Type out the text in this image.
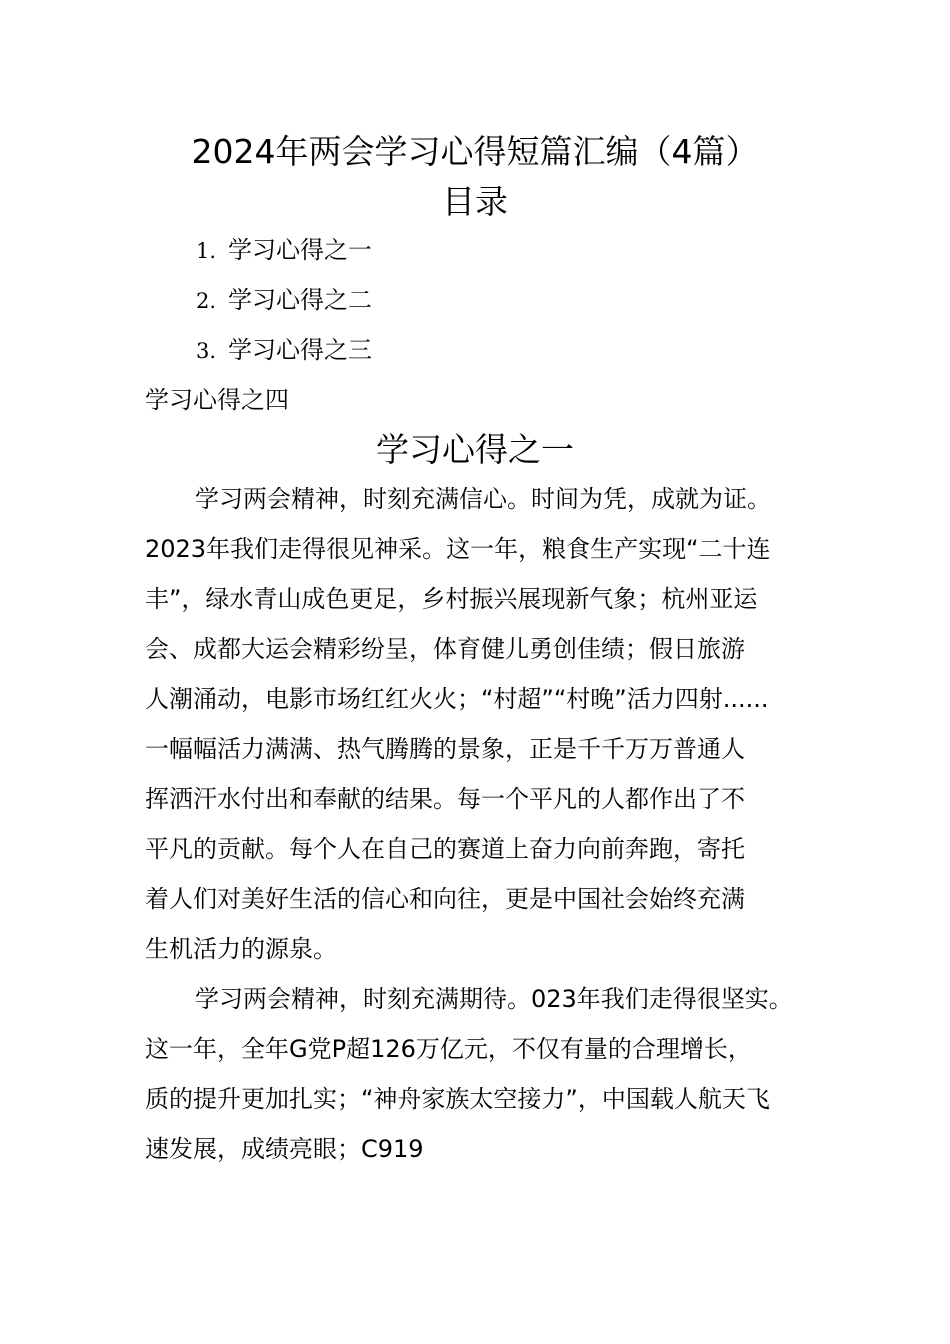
2024年两会学习心得短篇汇编（4篇）
目录
1. 学习心得之一
2. 学习心得之二
3. 学习心得之三
学习心得之四
学习心得之一
学习两会精神，时刻充满信心。时间为凭，成就为证。
2023年我们走得很见神采。这一年，粮食生产实现“二十连
丰”，绿水青山成色更足，乡村振兴展现新气象；杭州亚运
会、成都大运会精彩纷呈，体育健儿勇创佳绩；假日旅游
人潮涌动，电影市场红红火火；“村超”“村晚”活力四射......
一幅幅活力满满、热气腾腾的景象，正是千千万万普通人
挥洒汗水付出和奉献的结果。每一个平凡的人都作出了不
平凡的贡献。每个人在自己的赛道上奋力向前奔跑，寄托
着人们对美好生活的信心和向往，更是中国社会始终充满
生机活力的源泉。
学习两会精神，时刻充满期待。023年我们走得很坚实。
这一年，全年G党P超126万亿元，不仅有量的合理增长，
质的提升更加扎实；“神舟家族太空接力”，中国载人航天飞
速发展，成绩亮眼；C919
